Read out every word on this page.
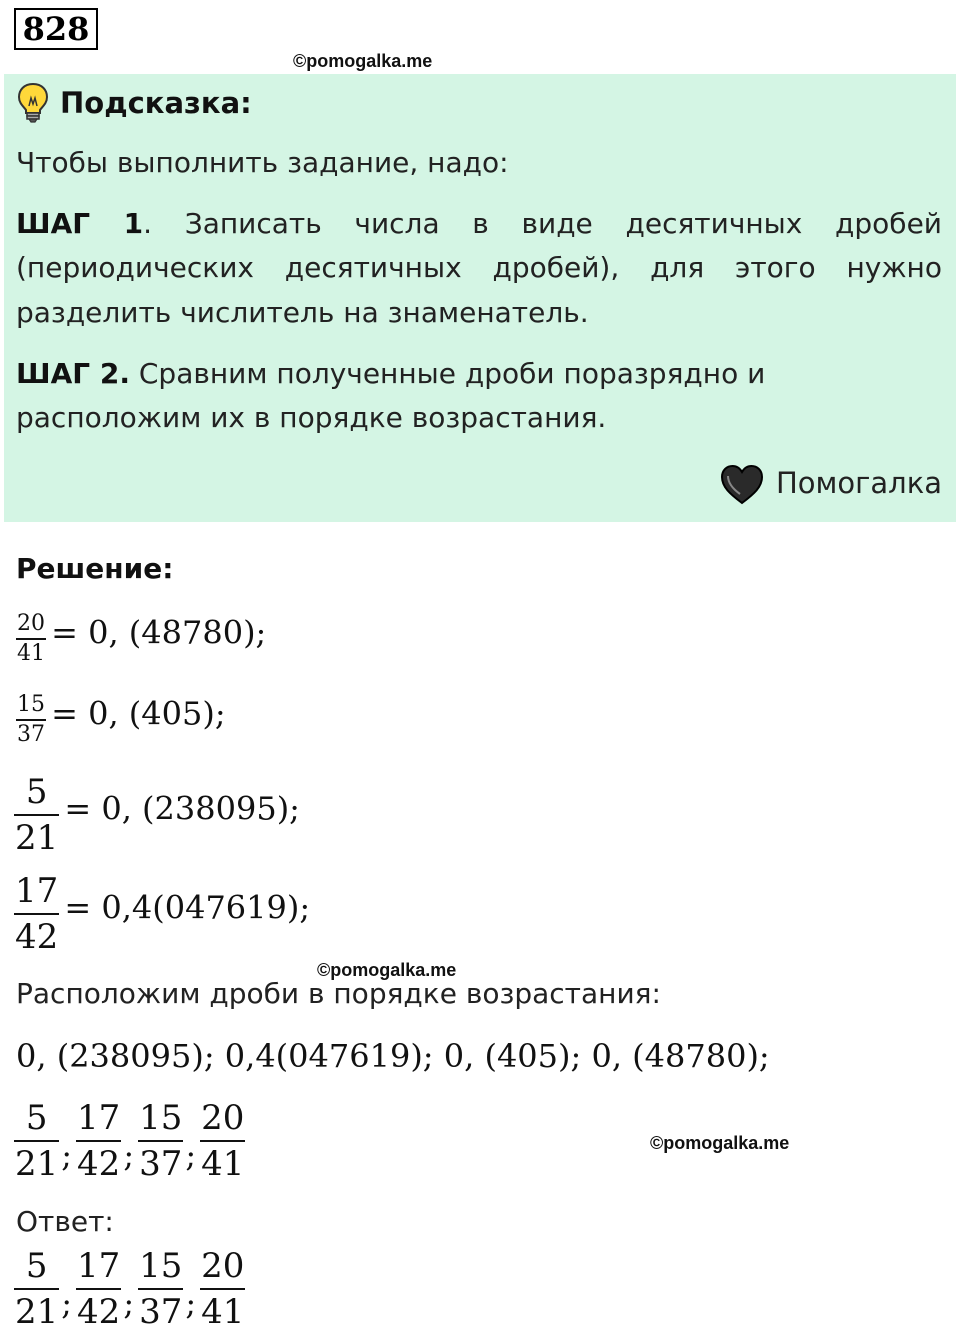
828
©pomogalka.me
Подсказка:
Чтобы выполнить задание, надо:
ШАГ 1. Записать числа в виде десятичных дробей
(периодических десятичных дробей), для этого нужно
разделить числитель на знаменатель.
ШАГ 2. Сравним полученные дроби поразрядно и
расположим их в порядке возрастания.
Помогалка
Решение:
$\frac{20}{41} = 0$, (48780);
$\frac{15}{37} = 0$, (405);
$\frac{5}{21} = 0$, (238095);
$\frac{17}{42} = 0,4(047619)$;
©pomogalka.me
Расположим дроби в порядке возрастания:
0, (238095); 0,4(047619); 0, (405); 0, (48780);
$\frac{5}{21}$ ; $\frac{17}{42}$ ; $\frac{15}{37}$ ; $\frac{20}{41}$	©pomogalka.me
Ответ:
$\frac{5}{21}$ ; $\frac{17}{42}$ ; $\frac{15}{37}$ ; $\frac{20}{41}$
